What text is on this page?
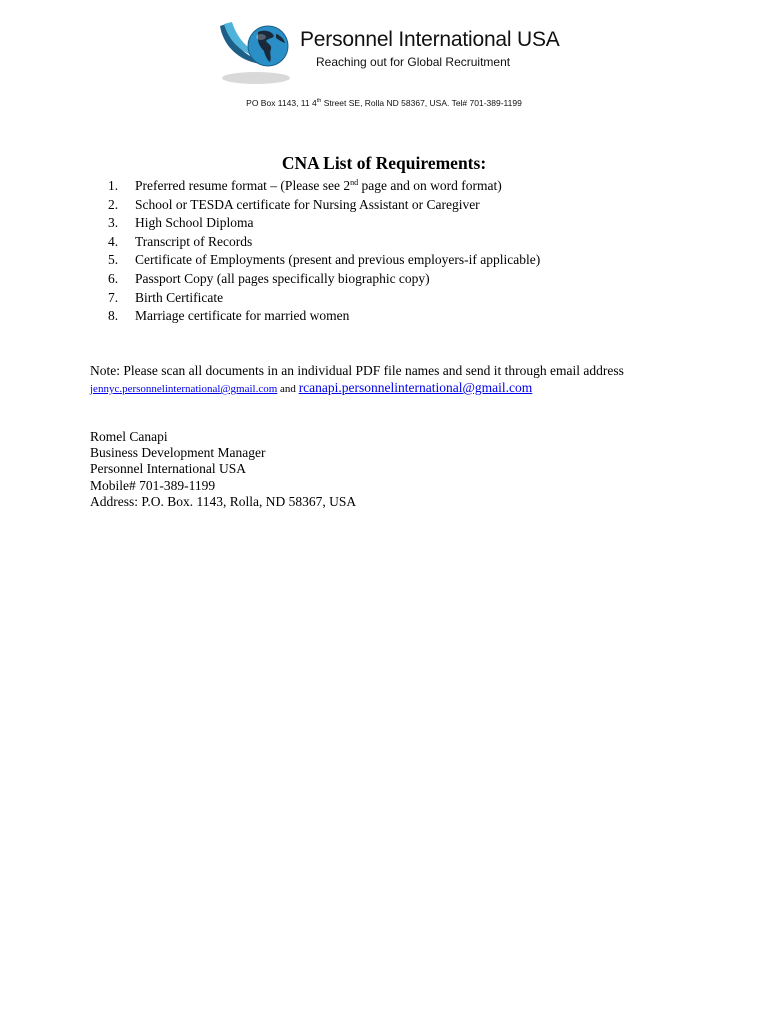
Personnel International USA
Reaching out for Global Recruitment
PO Box 1143, 11 4th Street SE, Rolla ND 58367, USA. Tel# 701-389-1199
CNA List of Requirements:
1. Preferred resume format – (Please see 2nd page and on word format)
2. School or TESDA certificate for Nursing Assistant or Caregiver
3. High School Diploma
4. Transcript of Records
5. Certificate of Employments (present and previous employers-if applicable)
6. Passport Copy (all pages specifically biographic copy)
7. Birth Certificate
8. Marriage certificate for married women
Note: Please scan all documents in an individual PDF file names and send it through email address
jennyc.personnelinternational@gmail.com and rcanapi.personnelinternational@gmail.com
Romel Canapi
Business Development Manager
Personnel International USA
Mobile# 701-389-1199
Address: P.O. Box. 1143, Rolla, ND 58367, USA
